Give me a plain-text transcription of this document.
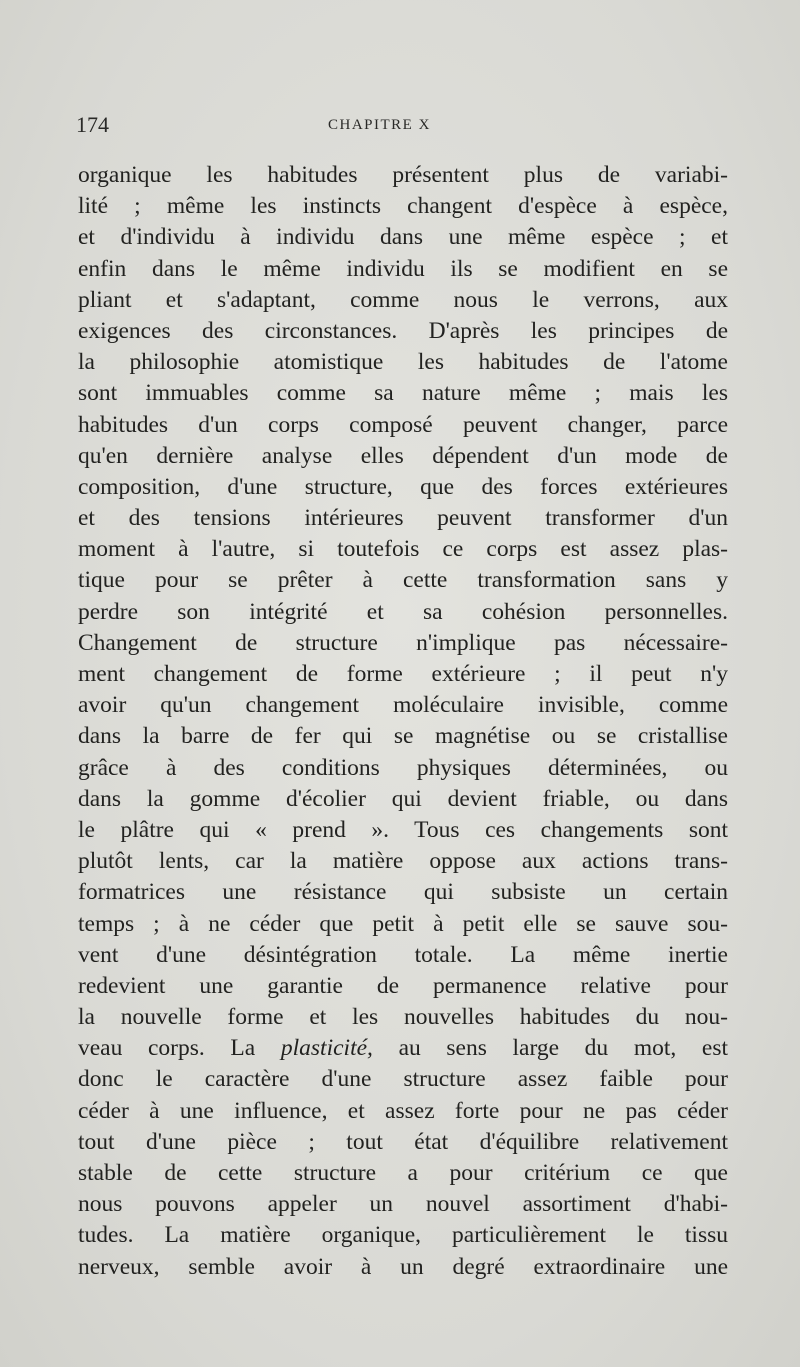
174	CHAPITRE X
organique les habitudes présentent plus de variabi-
lité ; même les instincts changent d'espèce à espèce,
et d'individu à individu dans une même espèce ; et
enfin dans le même individu ils se modifient en se
pliant et s'adaptant, comme nous le verrons, aux
exigences des circonstances. D'après les principes de
la philosophie atomistique les habitudes de l'atome
sont immuables comme sa nature même ; mais les
habitudes d'un corps composé peuvent changer, parce
qu'en dernière analyse elles dépendent d'un mode de
composition, d'une structure, que des forces extérieures
et des tensions intérieures peuvent transformer d'un
moment à l'autre, si toutefois ce corps est assez plas-
tique pour se prêter à cette transformation sans y
perdre son intégrité et sa cohésion personnelles.
Changement de structure n'implique pas nécessaire-
ment changement de forme extérieure ; il peut n'y
avoir qu'un changement moléculaire invisible, comme
dans la barre de fer qui se magnétise ou se cristallise
grâce à des conditions physiques déterminées, ou
dans la gomme d'écolier qui devient friable, ou dans
le plâtre qui « prend ». Tous ces changements sont
plutôt lents, car la matière oppose aux actions trans-
formatrices une résistance qui subsiste un certain
temps ; à ne céder que petit à petit elle se sauve sou-
vent d'une désintégration totale. La même inertie
redevient une garantie de permanence relative pour
la nouvelle forme et les nouvelles habitudes du nou-
veau corps. La plasticité, au sens large du mot, est
donc le caractère d'une structure assez faible pour
céder à une influence, et assez forte pour ne pas céder
tout d'une pièce ; tout état d'équilibre relativement
stable de cette structure a pour critérium ce que
nous pouvons appeler un nouvel assortiment d'habi-
tudes. La matière organique, particulièrement le tissu
nerveux, semble avoir à un degré extraordinaire une
